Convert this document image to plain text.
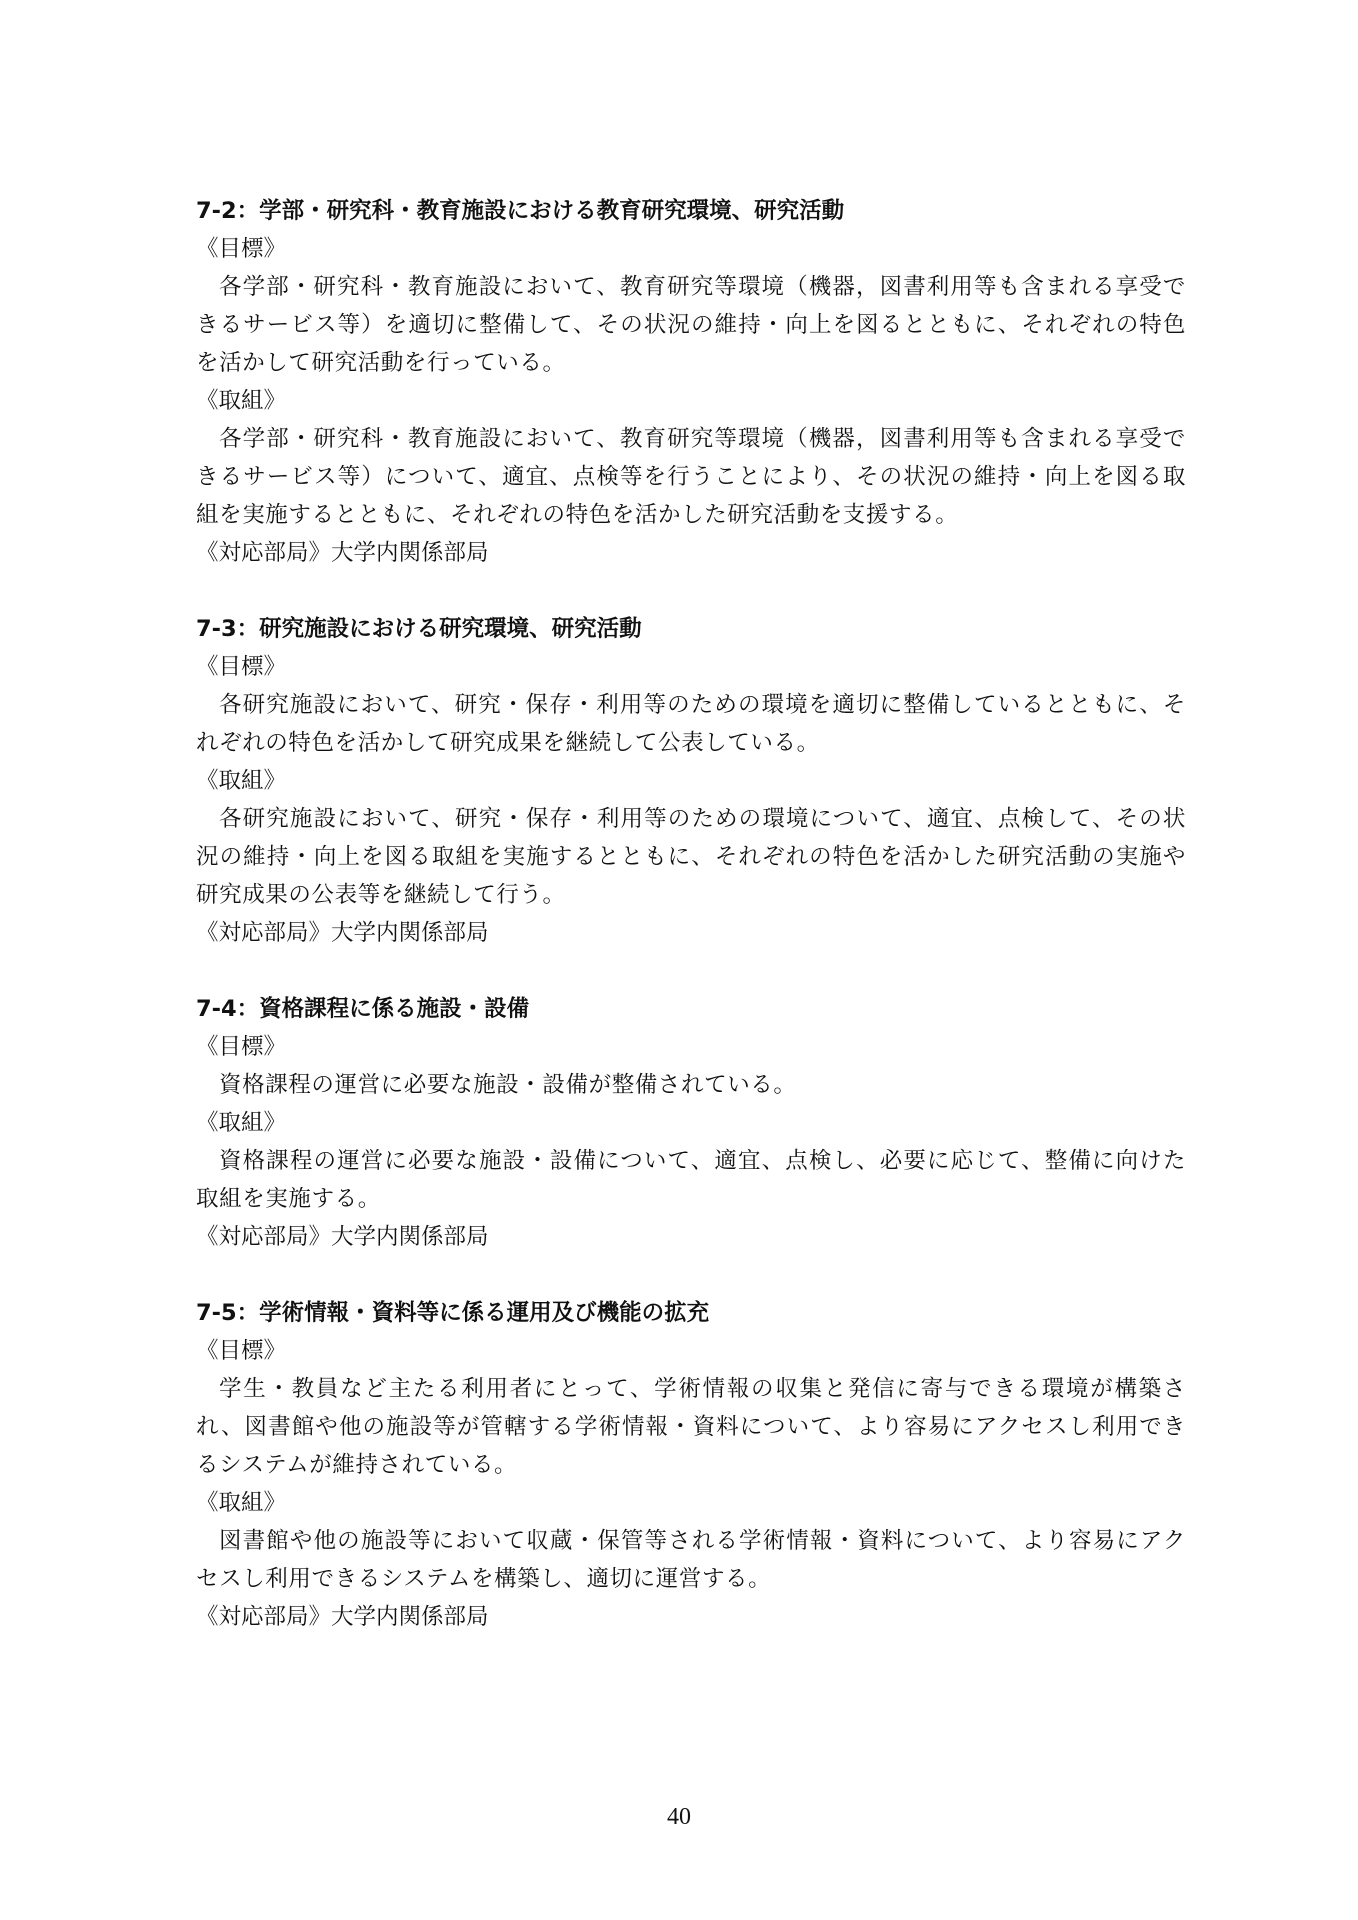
7-2：学部・研究科・教育施設における教育研究環境、研究活動

《目標》

各学部・研究科・教育施設において、教育研究等環境（機器，図書利用等も含まれる享受できるサービス等）を適切に整備して、その状況の維持・向上を図るとともに、それぞれの特色を活かして研究活動を行っている。

《取組》

各学部・研究科・教育施設において、教育研究等環境（機器，図書利用等も含まれる享受できるサービス等）について、適宜、点検等を行うことにより、その状況の維持・向上を図る取組を実施するとともに、それぞれの特色を活かした研究活動を支援する。

《対応部局》大学内関係部局

7-3：研究施設における研究環境、研究活動

《目標》

各研究施設において、研究・保存・利用等のための環境を適切に整備しているとともに、それぞれの特色を活かして研究成果を継続して公表している。

《取組》

各研究施設において、研究・保存・利用等のための環境について、適宜、点検して、その状況の維持・向上を図る取組を実施するとともに、それぞれの特色を活かした研究活動の実施や研究成果の公表等を継続して行う。

《対応部局》大学内関係部局

7-4：資格課程に係る施設・設備

《目標》

資格課程の運営に必要な施設・設備が整備されている。

《取組》

資格課程の運営に必要な施設・設備について、適宜、点検し、必要に応じて、整備に向けた取組を実施する。

《対応部局》大学内関係部局

7-5：学術情報・資料等に係る運用及び機能の拡充

《目標》

学生・教員など主たる利用者にとって、学術情報の収集と発信に寄与できる環境が構築され、図書館や他の施設等が管轄する学術情報・資料について、より容易にアクセスし利用できるシステムが維持されている。

《取組》

図書館や他の施設等において収蔵・保管等される学術情報・資料について、より容易にアクセスし利用できるシステムを構築し、適切に運営する。

《対応部局》大学内関係部局

40
